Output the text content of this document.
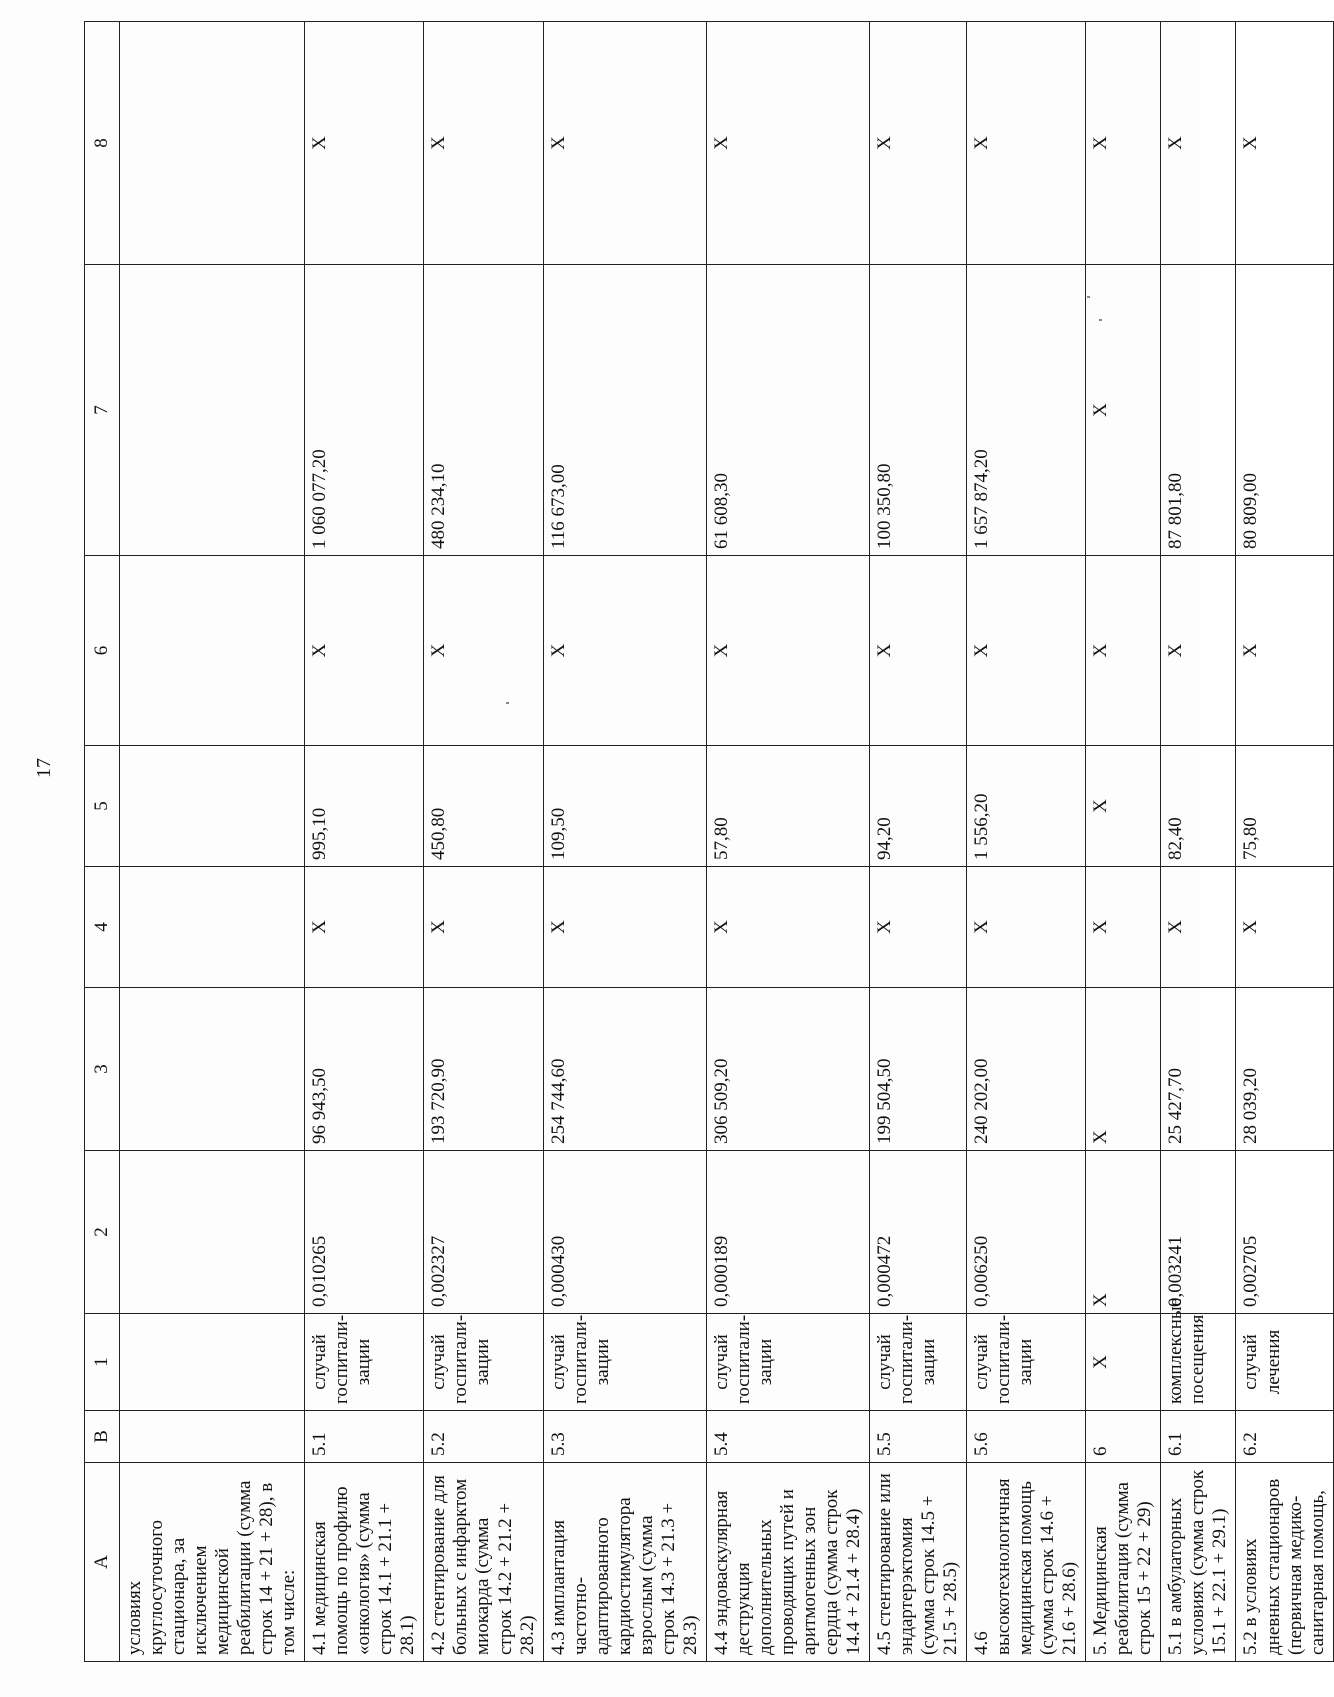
17
A	В	1	2	3	4	5	6	7	8
условиях круглосуточного стационара, за исключением медицинской реабилитации (сумма строк 14 + 21 + 28), в том числе:									
4.1 медицинская помощь по профилю «онкология» (сумма строк 14.1 + 21.1 + 28.1)	5.1	случай госпитали-зации	0,010265	96 943,50	Х	995,10	Х	1 060 077,20	Х
4.2 стентирование для больных с инфарктом миокарда (сумма строк 14.2 + 21.2 + 28.2)	5.2	случай госпитали-зации	0,002327	193 720,90	Х	450,80	Х	480 234,10	Х
4.3 имплантация частотно-адаптированного кардиостимулятора взрослым (сумма строк 14.3 + 21.3 + 28.3)	5.3	случай госпитали-зации	0,000430	254 744,60	Х	109,50	Х	116 673,00	Х
4.4 эндоваскулярная деструкция дополнительных проводящих путей и аритмогенных зон сердца (сумма строк 14.4 + 21.4 + 28.4)	5.4	случай госпитали-зации	0,000189	306 509,20	Х	57,80	Х	61 608,30	Х
4.5 стентирование или эндартерэктомия (сумма строк 14.5 + 21.5 + 28.5)	5.5	случай госпитали-зации	0,000472	199 504,50	Х	94,20	Х	100 350,80	Х
4.6 высокотехнологичная медицинская помощь (сумма строк 14.6 + 21.6 + 28.6)	5.6	случай госпитали-зации	0,006250	240 202,00	Х	1 556,20	Х	1 657 874,20	Х
5. Медицинская реабилитация (сумма строк 15 + 22 + 29)	6	Х	Х	Х	Х	Х	Х	Х	Х
5.1 в амбулаторных условиях (сумма строк 15.1 + 22.1 + 29.1)	6.1	комплексные посещения	0,003241	25 427,70	Х	82,40	Х	87 801,80	Х
5.2 в условиях дневных стационаров (первичная медико-санитарная помощь,	6.2	случай лечения	0,002705	28 039,20	Х	75,80	Х	80 809,00	Х
